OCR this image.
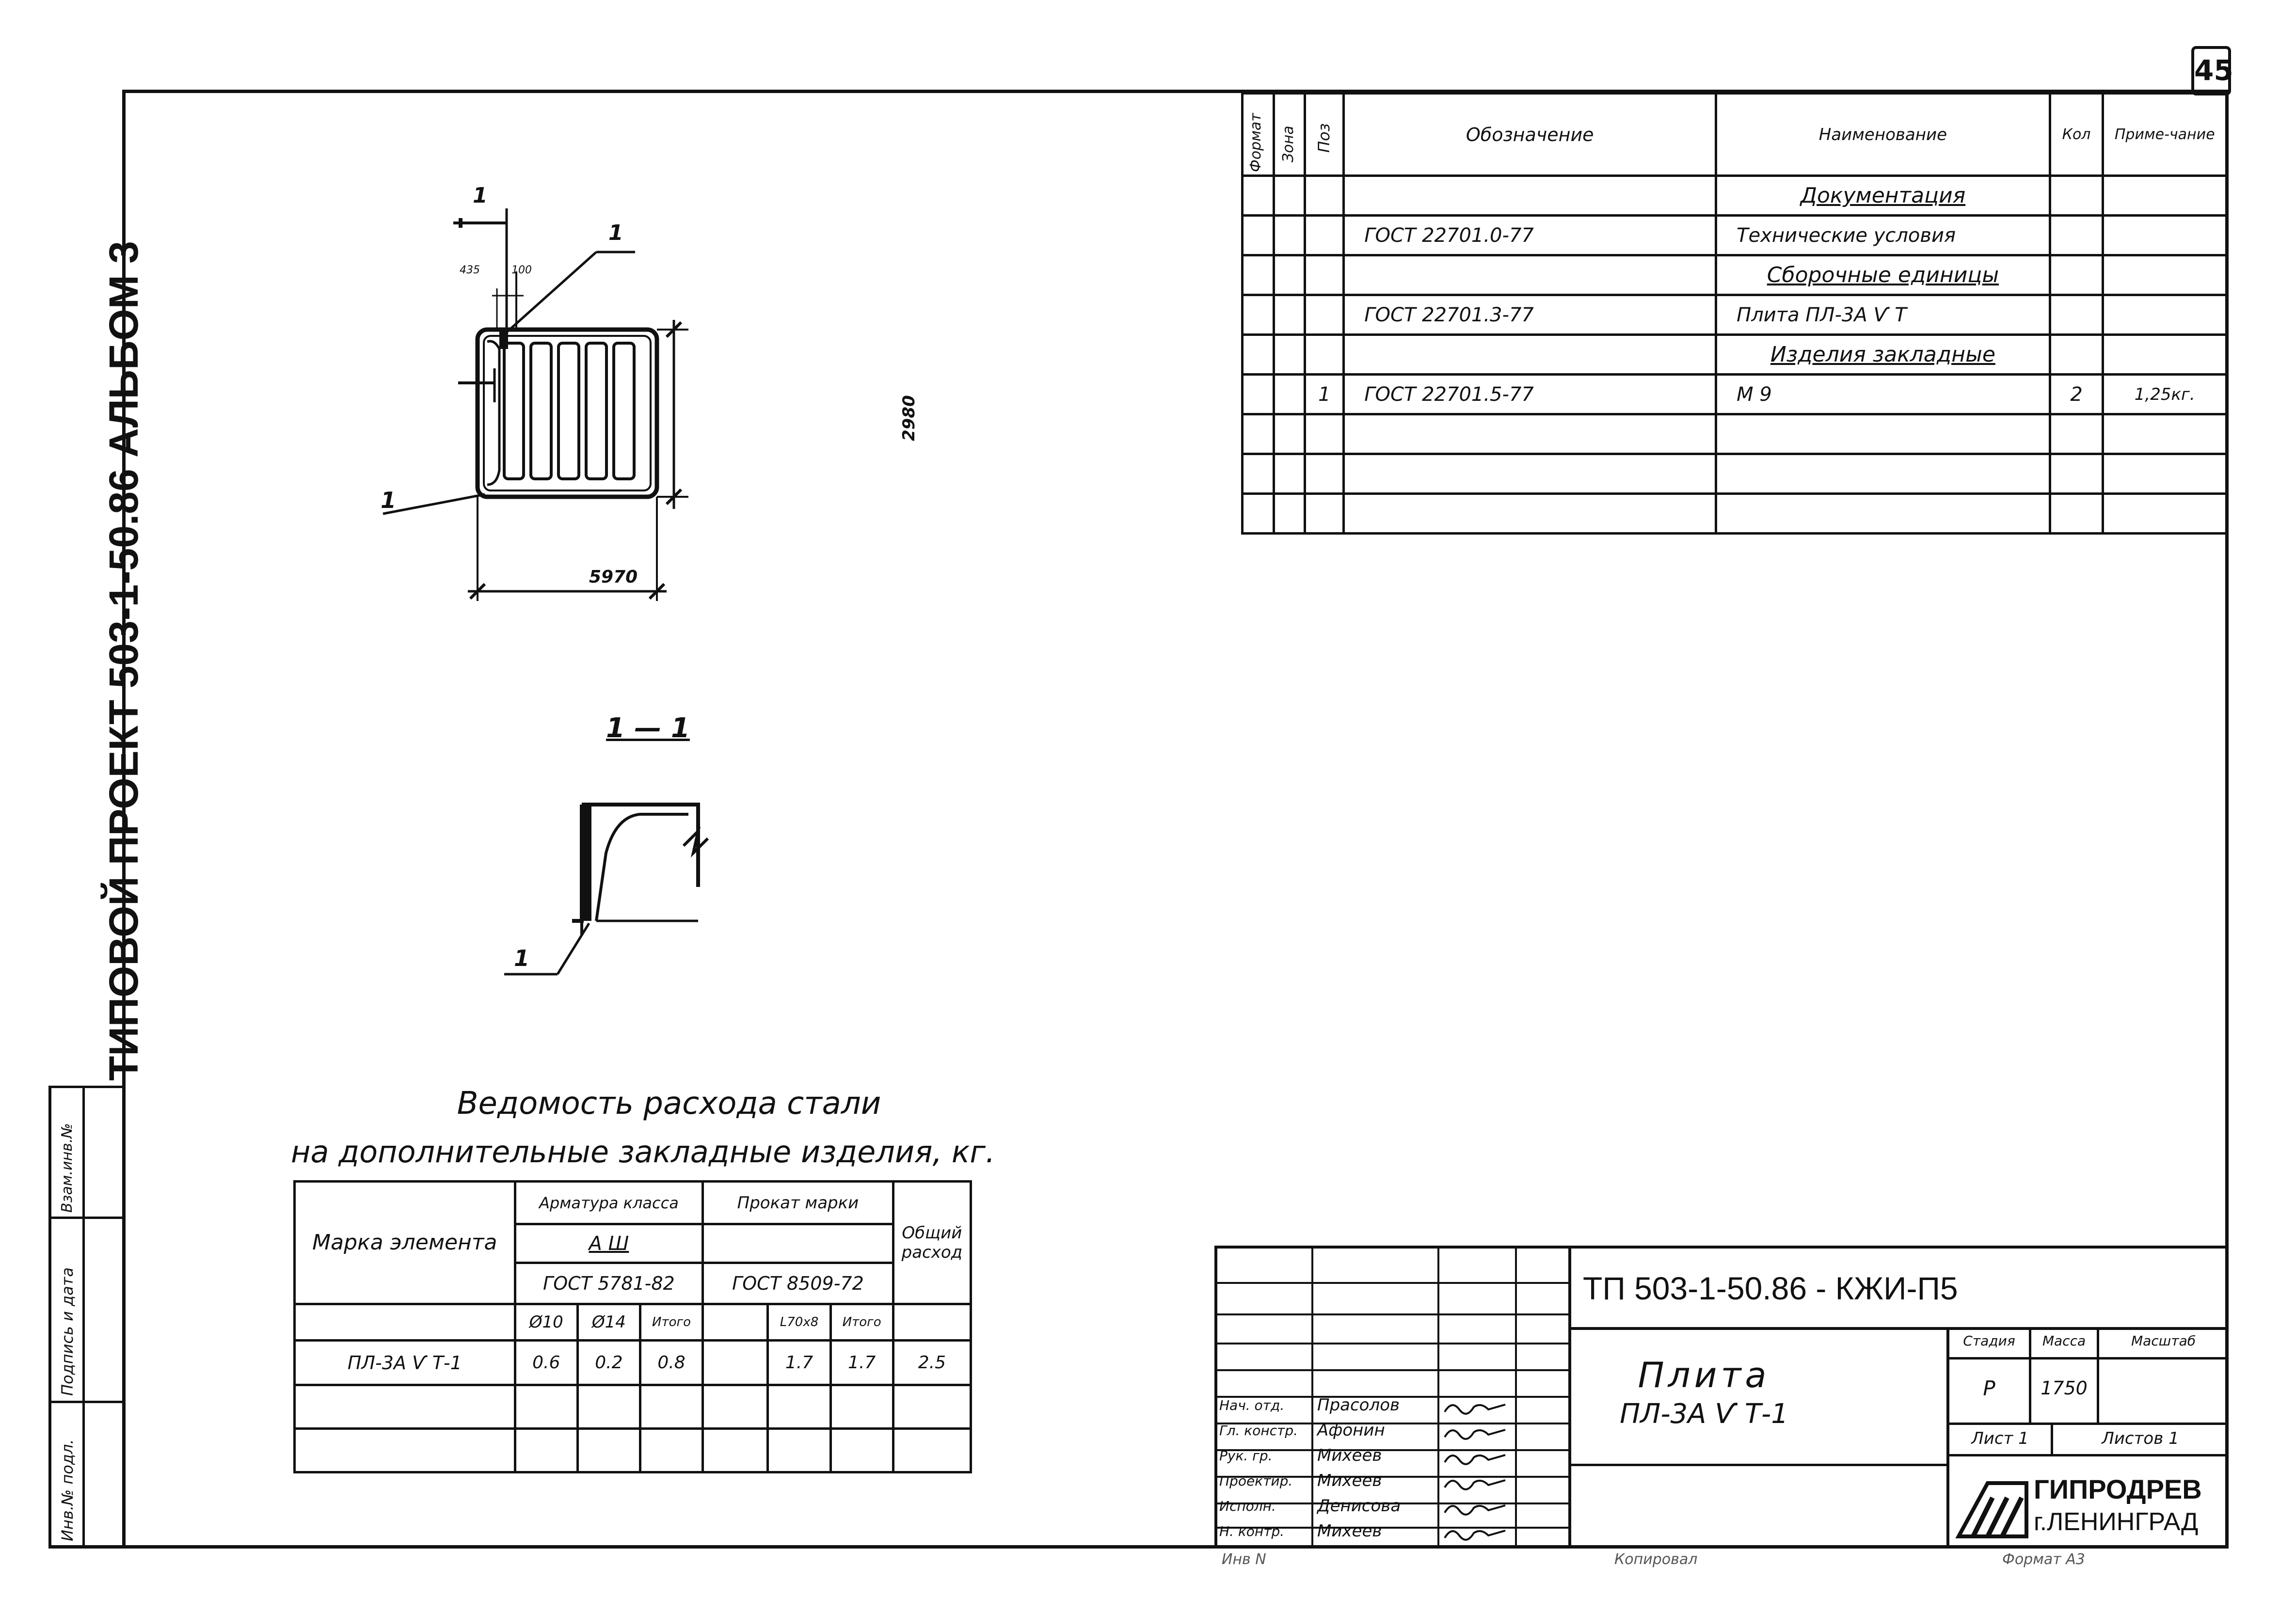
45
ТИПОВОЙ ПРОЕКТ 503-1-50.86 АЛЬБОМ 3
Инв.№ подл.
Подпись и дата
Взам.инв.№
Формат	Зона	Поз	Обозначение	Наименование	Кол	Приме-чание
				Документация		
			ГОСТ 22701.0-77	Технические условия		
				Сборочные единицы		
			ГОСТ 22701.3-77	Плита ПЛ-3А Ѵ Т		
				Изделия закладные		
		1	ГОСТ 22701.5-77	М 9	2	1,25кг.

1
1
435	100
1
2980
5970
1 — 1
1
Ведомость расхода стали
на дополнительные закладные изделия, кг.
Марка элемента	Арматура класса			Прокат марки			Общий расход
	А Ш						
	ГОСТ 5781-82			ГОСТ 8509-72			
	Ø10	Ø14	Итого		L70x8	Итого	
ПЛ-3А Ѵ Т-1	0.6	0.2	0.8		1.7	1.7	2.5

ТП 503-1-50.86 - КЖИ-П5
Плита
ПЛ-3А Ѵ Т-1
Стадия	Масса	Масштаб
Р	1750
Лист 1	Листов 1
ГИПРОДРЕВ
г.ЛЕНИНГРАД
Нач. отд. Прасолов
Гл. констр. Афонин
Рук. гр.	Михеев
Проектир. Михеев
Исполн.	Денисова
Н. контр. Михеев
Инв N	Копировал	Формат А3
